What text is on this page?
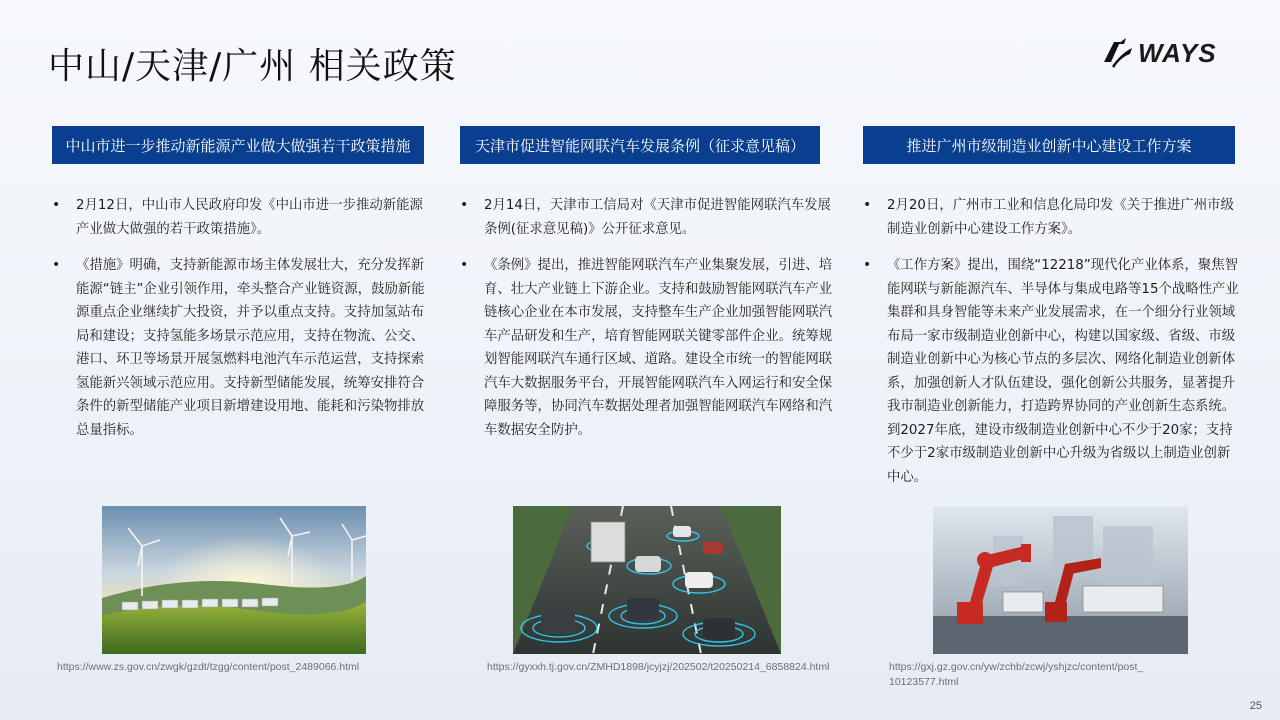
中山/天津/广州 相关政策	WAYS
中山市进一步推动新能源产业做大做强若干政策措施
• 2月12日，中山市人民政府印发《中山市进一步推动新能源产业做大做强的若干政策措施》。
• 《措施》明确，支持新能源市场主体发展壮大，充分发挥新能源“链主”企业引领作用，牵头整合产业链资源，鼓励新能源重点企业继续扩大投资，并予以重点支持。支持加氢站布局和建设；支持氢能多场景示范应用，支持在物流、公交、港口、环卫等场景开展氢燃料电池汽车示范运营，支持探索氢能新兴领域示范应用。支持新型储能发展，统筹安排符合条件的新型储能产业项目新增建设用地、能耗和污染物排放总量指标。
天津市促进智能网联汽车发展条例（征求意见稿）
• 2月14日，天津市工信局对《天津市促进智能网联汽车发展条例(征求意见稿)》公开征求意见。
• 《条例》提出，推进智能网联汽车产业集聚发展，引进、培育、壮大产业链上下游企业。支持和鼓励智能网联汽车产业链核心企业在本市发展，支持整车生产企业加强智能网联汽车产品研发和生产，培育智能网联关键零部件企业。统筹规划智能网联汽车通行区域、道路。建设全市统一的智能网联汽车大数据服务平台，开展智能网联汽车入网运行和安全保障服务等，协同汽车数据处理者加强智能网联汽车网络和汽车数据安全防护。
推进广州市级制造业创新中心建设工作方案
• 2月20日，广州市工业和信息化局印发《关于推进广州市级制造业创新中心建设工作方案》。
• 《工作方案》提出，围绕“12218”现代化产业体系，聚焦智能网联与新能源汽车、半导体与集成电路等15个战略性产业集群和具身智能等未来产业发展需求，在一个细分行业领域布局一家市级制造业创新中心，构建以国家级、省级、市级制造业创新中心为核心节点的多层次、网络化制造业创新体系，加强创新人才队伍建设，强化创新公共服务，显著提升我市制造业创新能力，打造跨界协同的产业创新生态系统。到2027年底，建设市级制造业创新中心不少于20家；支持不少于2家市级制造业创新中心升级为省级以上制造业创新中心。
https://www.zs.gov.cn/zwgk/gzdt/tzgg/content/post_2489066.html	https://gyxxh.tj.gov.cn/ZMHD1898/jcyjzj/202502/t20250214_6858824.html	https://gxj.gz.gov.cn/yw/zchb/zcwj/yshjzc/content/post_10123577.html
25
